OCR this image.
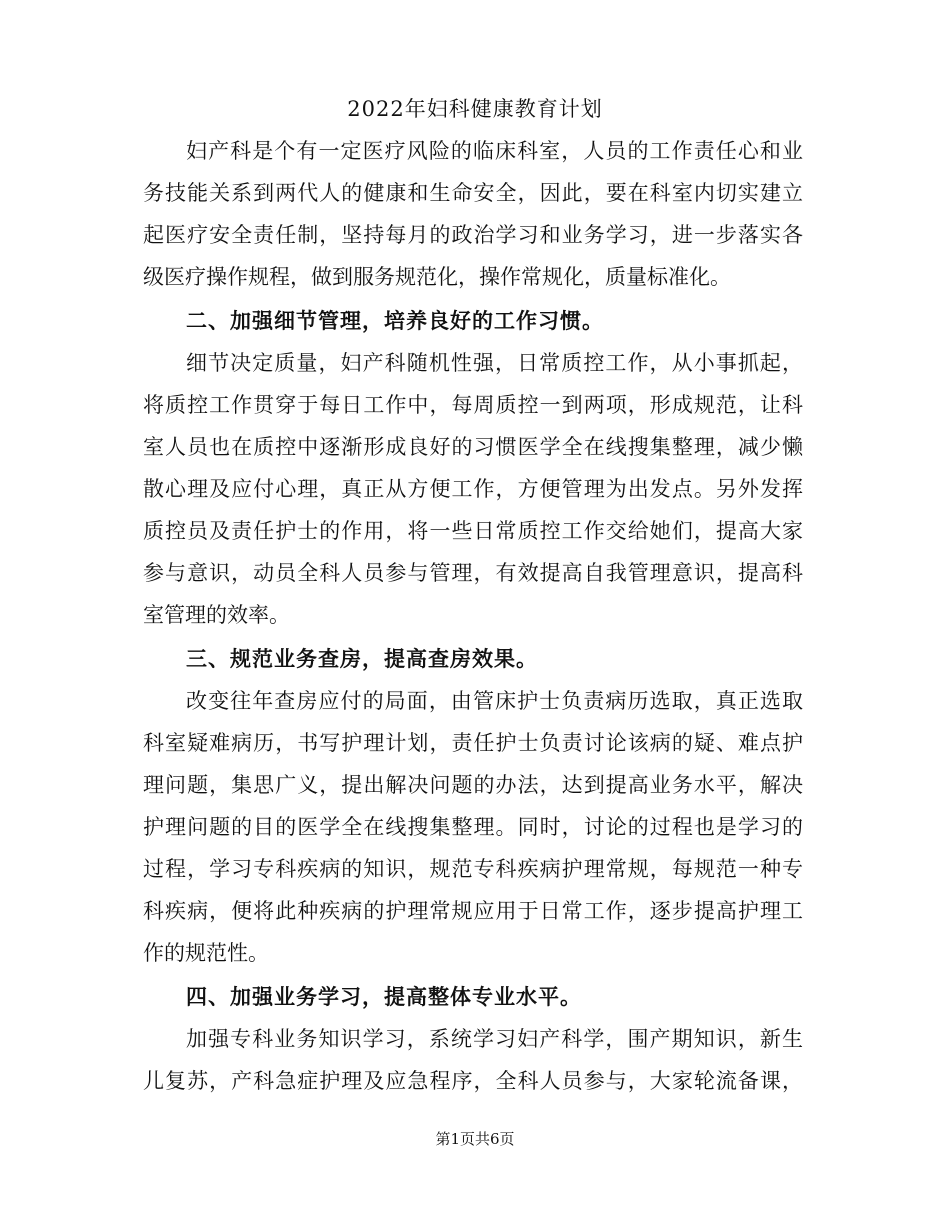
2022年妇科健康教育计划
妇产科是个有一定医疗风险的临床科室，人员的工作责任心和业
务技能关系到两代人的健康和生命安全，因此，要在科室内切实建立
起医疗安全责任制，坚持每月的政治学习和业务学习，进一步落实各
级医疗操作规程，做到服务规范化，操作常规化，质量标准化。
二、加强细节管理，培养良好的工作习惯。
细节决定质量，妇产科随机性强，日常质控工作，从小事抓起，
将质控工作贯穿于每日工作中，每周质控一到两项，形成规范，让科
室人员也在质控中逐渐形成良好的习惯医学全在线搜集整理，减少懒
散心理及应付心理，真正从方便工作，方便管理为出发点。另外发挥
质控员及责任护士的作用，将一些日常质控工作交给她们，提高大家
参与意识，动员全科人员参与管理，有效提高自我管理意识，提高科
室管理的效率。
三、规范业务查房，提高查房效果。
改变往年查房应付的局面，由管床护士负责病历选取，真正选取
科室疑难病历，书写护理计划，责任护士负责讨论该病的疑、难点护
理问题，集思广义，提出解决问题的办法，达到提高业务水平，解决
护理问题的目的医学全在线搜集整理。同时，讨论的过程也是学习的
过程，学习专科疾病的知识，规范专科疾病护理常规，每规范一种专
科疾病，便将此种疾病的护理常规应用于日常工作，逐步提高护理工
作的规范性。
四、加强业务学习，提高整体专业水平。
加强专科业务知识学习，系统学习妇产科学，围产期知识，新生
儿复苏，产科急症护理及应急程序，全科人员参与，大家轮流备课，
第1页共6页
